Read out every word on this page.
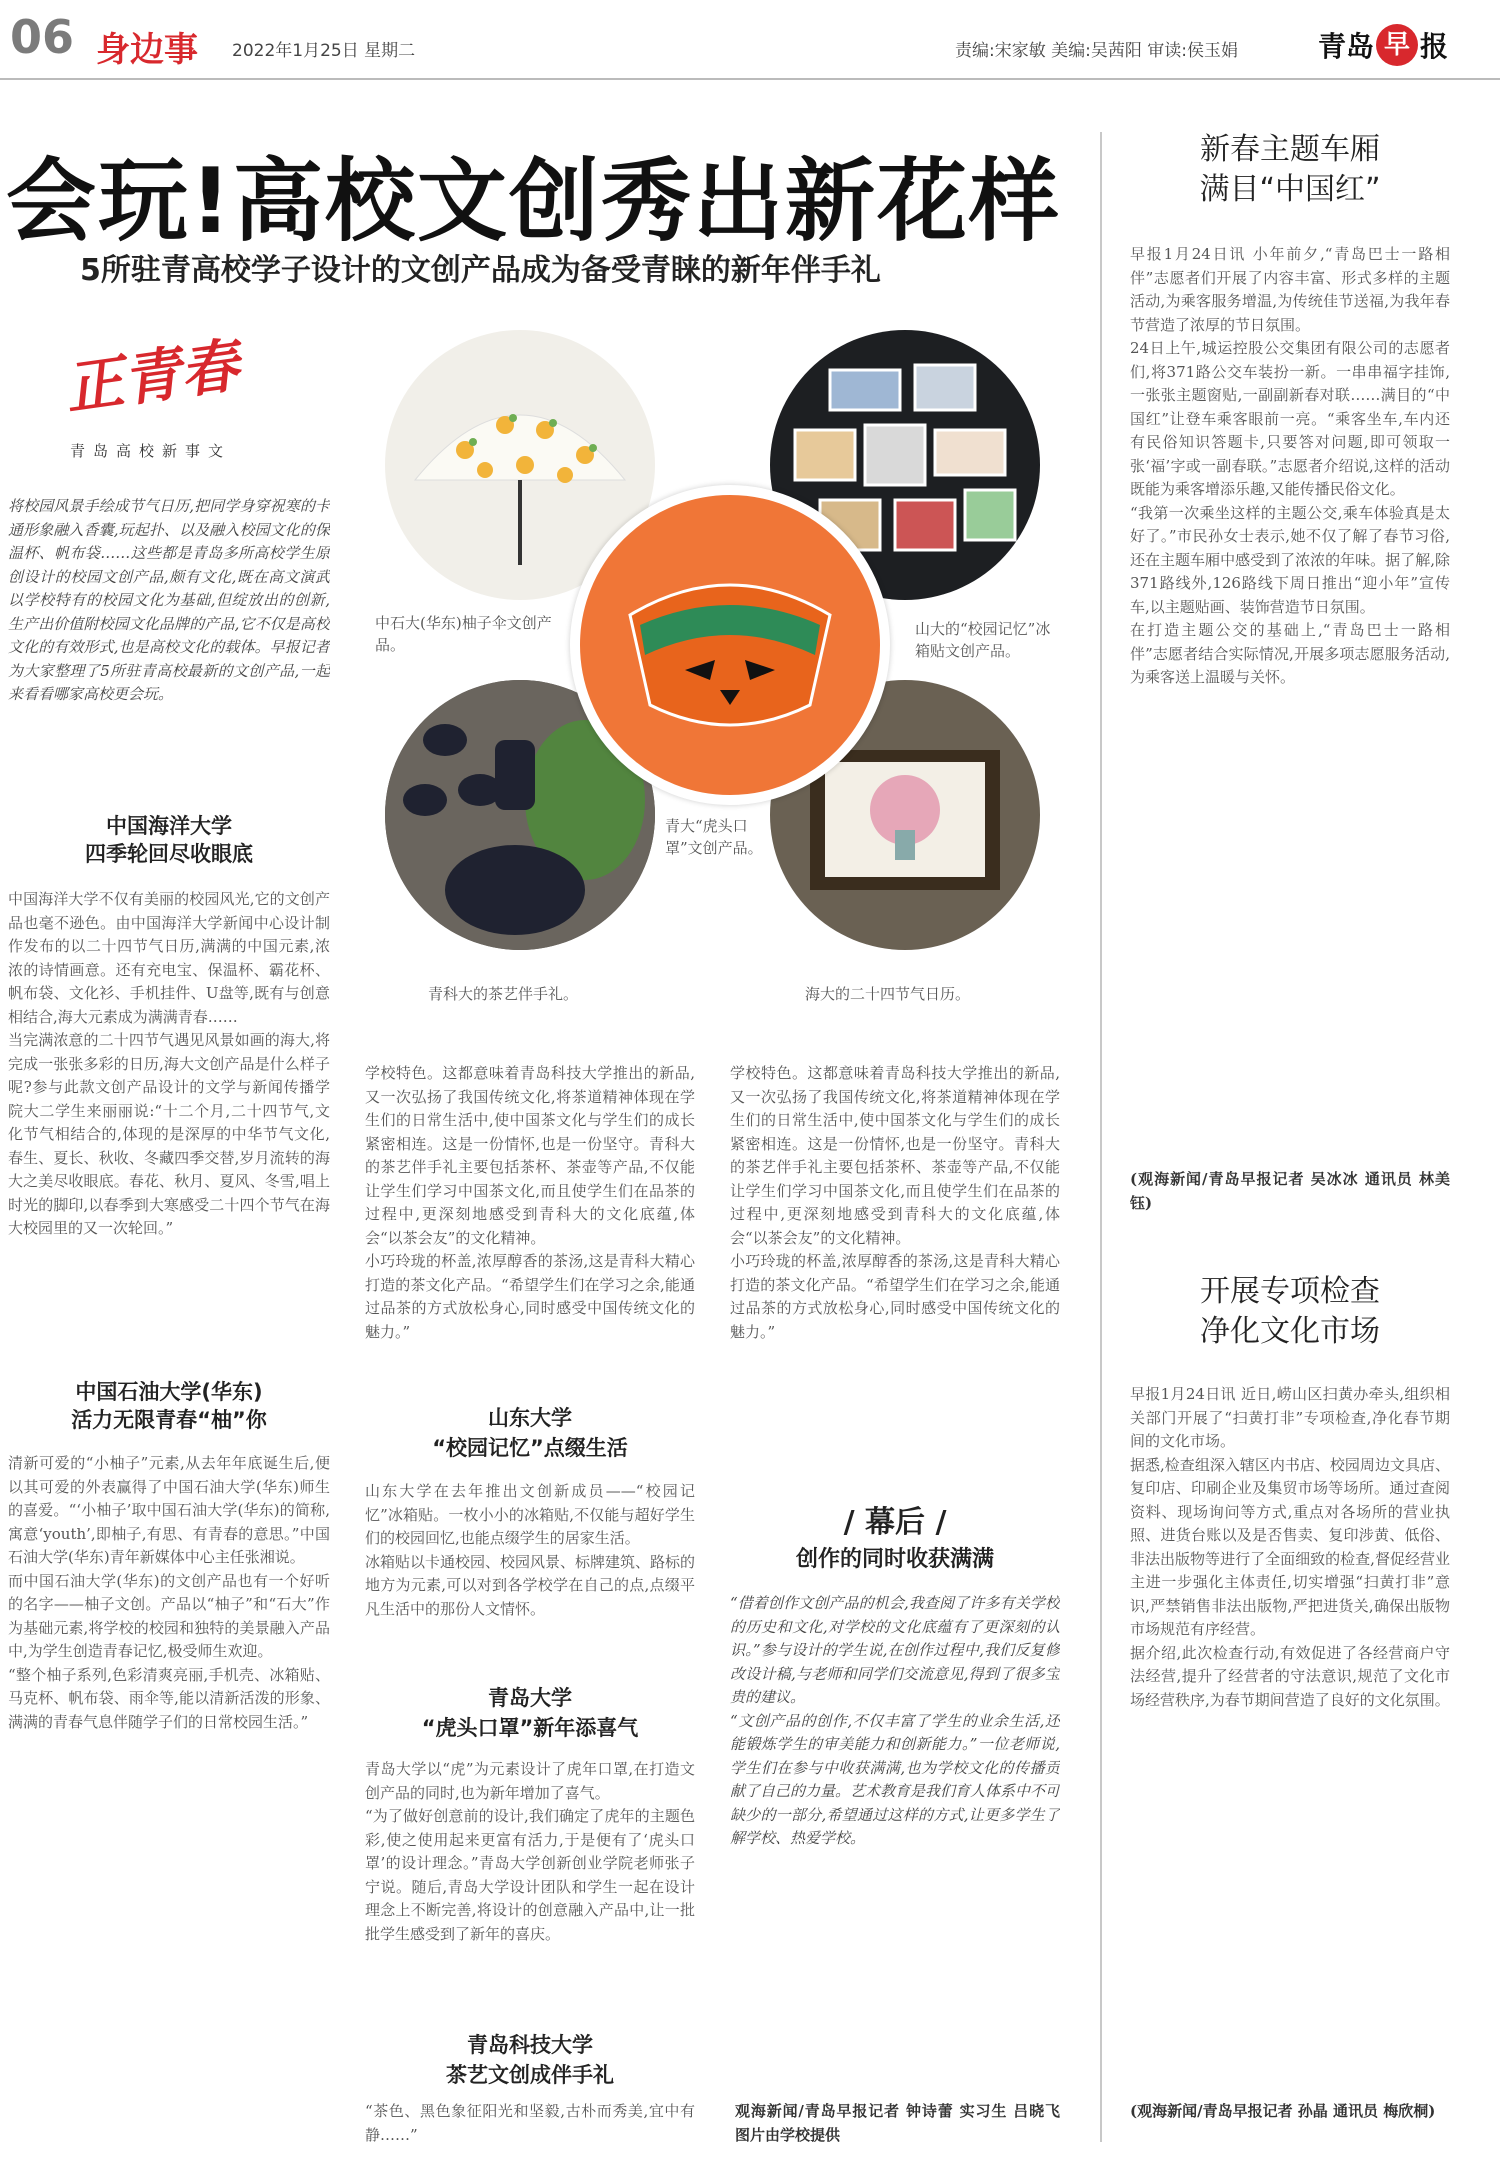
06 身边事 2022年1月25日 星期二	责编:宋家敏 美编:吴茜阳 审读:侯玉娟	青岛 早 报
会玩!高校文创秀出新花样
5所驻青高校学子设计的文创产品成为备受青睐的新年伴手礼
正青春
青岛高校新事文
将校园风景手绘成节气日历,把同学身穿祝寒的卡通形象融入香囊,玩起扑、以及融入校园文化的保温杯、帆布袋……这些都是青岛多所高校学生原创设计的校园文创产品,颇有文化,既在高文演武以学校特有的校园文化为基础,但绽放出的创新,生产出价值附校园文化品牌的产品,它不仅是高校文化的有效形式,也是高校文化的载体。早报记者为大家整理了5所驻青高校最新的文创产品,一起来看看哪家高校更会玩。
中石大(华东)柚子伞文创产品。
山大的“校园记忆”冰箱贴文创产品。
青大“虎头口罩”文创产品。
青科大的茶艺伴手礼。	海大的二十四节气日历。
中国海洋大学
四季轮回尽收眼底
中国海洋大学不仅有美丽的校园风光,它的文创产品也毫不逊色。由中国海洋大学新闻中心设计制作发布的以二十四节气日历,满满的中国元素,浓浓的诗情画意。还有充电宝、保温杯、霸花杯、帆布袋、文化衫、手机挂件、U盘等,既有与创意相结合,海大元素成为满满青春……
当完满浓意的二十四节气遇见风景如画的海大,将完成一张张多彩的日历,海大文创产品是什么样子呢?参与此款文创产品设计的文学与新闻传播学院大二学生来丽丽说:“十二个月,二十四节气,文化节气相结合的,体现的是深厚的中华节气文化,春生、夏长、秋收、冬藏四季交替,岁月流转的海大之美尽收眼底。春花、秋月、夏风、冬雪,唱上时光的脚印,以春季到大寒感受二十四个节气在海大校园里的又一次轮回。”
中国石油大学(华东)
活力无限青春“柚”你
清新可爱的“小柚子”元素,从去年年底诞生后,便以其可爱的外表赢得了中国石油大学(华东)师生的喜爱。“‘小柚子’取中国石油大学(华东)的简称,寓意‘youth’,即柚子,有思、有青春的意思。”中国石油大学(华东)青年新媒体中心主任张湘说。
而中国石油大学(华东)的文创产品也有一个好听的名字——柚子文创。产品以“柚子”和“石大”作为基础元素,将学校的校园和独特的美景融入产品中,为学生创造青春记忆,极受师生欢迎。
“整个柚子系列,色彩清爽亮丽,手机壳、冰箱贴、马克杯、帆布袋、雨伞等,能以清新活泼的形象、满满的青春气息伴随学子们的日常校园生活。”
学校特色。这都意味着青岛科技大学推出的新品,又一次弘扬了我国传统文化,将茶道精神体现在学生们的日常生活中,使中国茶文化与学生们的成长紧密相连。这是一份情怀,也是一份坚守。青科大的茶艺伴手礼主要包括茶杯、茶壶等产品,不仅能让学生们学习中国茶文化,而且使学生们在品茶的过程中,更深刻地感受到青科大的文化底蕴,体会“以茶会友”的文化精神。
小巧玲珑的杯盖,浓厚醇香的茶汤,这是青科大精心打造的茶文化产品。“希望学生们在学习之余,能通过品茶的方式放松身心,同时感受中国传统文化的魅力。”
山东大学
“校园记忆”点缀生活
山东大学在去年推出文创新成员——“校园记忆”冰箱贴。一枚小小的冰箱贴,不仅能与超好学生们的校园回忆,也能点缀学生的居家生活。
冰箱贴以卡通校园、校园风景、标牌建筑、路标的地方为元素,可以对到各学校学在自己的点,点缀平凡生活中的那份人文情怀。
青岛大学
“虎头口罩”新年添喜气
青岛大学以“虎”为元素设计了虎年口罩,在打造文创产品的同时,也为新年增加了喜气。
“为了做好创意前的设计,我们确定了虎年的主题色彩,使之使用起来更富有活力,于是便有了‘虎头口罩’的设计理念。”青岛大学创新创业学院老师张子宁说。随后,青岛大学设计团队和学生一起在设计理念上不断完善,将设计的创意融入产品中,让一批批学生感受到了新年的喜庆。
青岛科技大学
茶艺文创成伴手礼
“茶色、黑色象征阳光和坚毅,古朴而秀美,宜中有静……”
学校特色。这都意味着青岛科技大学推出的新品,又一次弘扬了我国传统文化,将茶道精神体现在学生们的日常生活中,使中国茶文化与学生们的成长紧密相连。这是一份情怀,也是一份坚守。青科大的茶艺伴手礼主要包括茶杯、茶壶等产品,不仅能让学生们学习中国茶文化,而且使学生们在品茶的过程中,更深刻地感受到青科大的文化底蕴,体会“以茶会友”的文化精神。
小巧玲珑的杯盖,浓厚醇香的茶汤,这是青科大精心打造的茶文化产品。“希望学生们在学习之余,能通过品茶的方式放松身心,同时感受中国传统文化的魅力。”
/ 幕后 /
创作的同时收获满满
“借着创作文创产品的机会,我查阅了许多有关学校的历史和文化,对学校的文化底蕴有了更深刻的认识。”参与设计的学生说,在创作过程中,我们反复修改设计稿,与老师和同学们交流意见,得到了很多宝贵的建议。
“文创产品的创作,不仅丰富了学生的业余生活,还能锻炼学生的审美能力和创新能力。”一位老师说,学生们在参与中收获满满,也为学校文化的传播贡献了自己的力量。艺术教育是我们育人体系中不可缺少的一部分,希望通过这样的方式,让更多学生了解学校、热爱学校。
观海新闻/青岛早报记者 钟诗蕾 实习生 吕晓飞 图片由学校提供
新春主题车厢
满目“中国红”
早报1月24日讯 小年前夕,“青岛巴士一路相伴”志愿者们开展了内容丰富、形式多样的主题活动,为乘客服务增温,为传统佳节送福,为我年春节营造了浓厚的节日氛围。
24日上午,城运控股公交集团有限公司的志愿者们,将371路公交车装扮一新。一串串福字挂饰,一张张主题窗贴,一副副新春对联……满目的“中国红”让登车乘客眼前一亮。“乘客坐车,车内还有民俗知识答题卡,只要答对问题,即可领取一张‘福’字或一副春联。”志愿者介绍说,这样的活动既能为乘客增添乐趣,又能传播民俗文化。
“我第一次乘坐这样的主题公交,乘车体验真是太好了。”市民孙女士表示,她不仅了解了春节习俗,还在主题车厢中感受到了浓浓的年味。据了解,除371路线外,126路线下周日推出“迎小年”宣传车,以主题贴画、装饰营造节日氛围。
在打造主题公交的基础上,“青岛巴士一路相伴”志愿者结合实际情况,开展多项志愿服务活动,为乘客送上温暖与关怀。
(观海新闻/青岛早报记者 吴冰冰 通讯员 林美钰)
开展专项检查
净化文化市场
早报1月24日讯 近日,崂山区扫黄办牵头,组织相关部门开展了“扫黄打非”专项检查,净化春节期间的文化市场。
据悉,检查组深入辖区内书店、校园周边文具店、复印店、印刷企业及集贸市场等场所。通过查阅资料、现场询问等方式,重点对各场所的营业执照、进货台账以及是否售卖、复印涉黄、低俗、非法出版物等进行了全面细致的检查,督促经营业主进一步强化主体责任,切实增强“扫黄打非”意识,严禁销售非法出版物,严把进货关,确保出版物市场规范有序经营。
据介绍,此次检查行动,有效促进了各经营商户守法经营,提升了经营者的守法意识,规范了文化市场经营秩序,为春节期间营造了良好的文化氛围。
(观海新闻/青岛早报记者 孙晶 通讯员 梅欣桐)
